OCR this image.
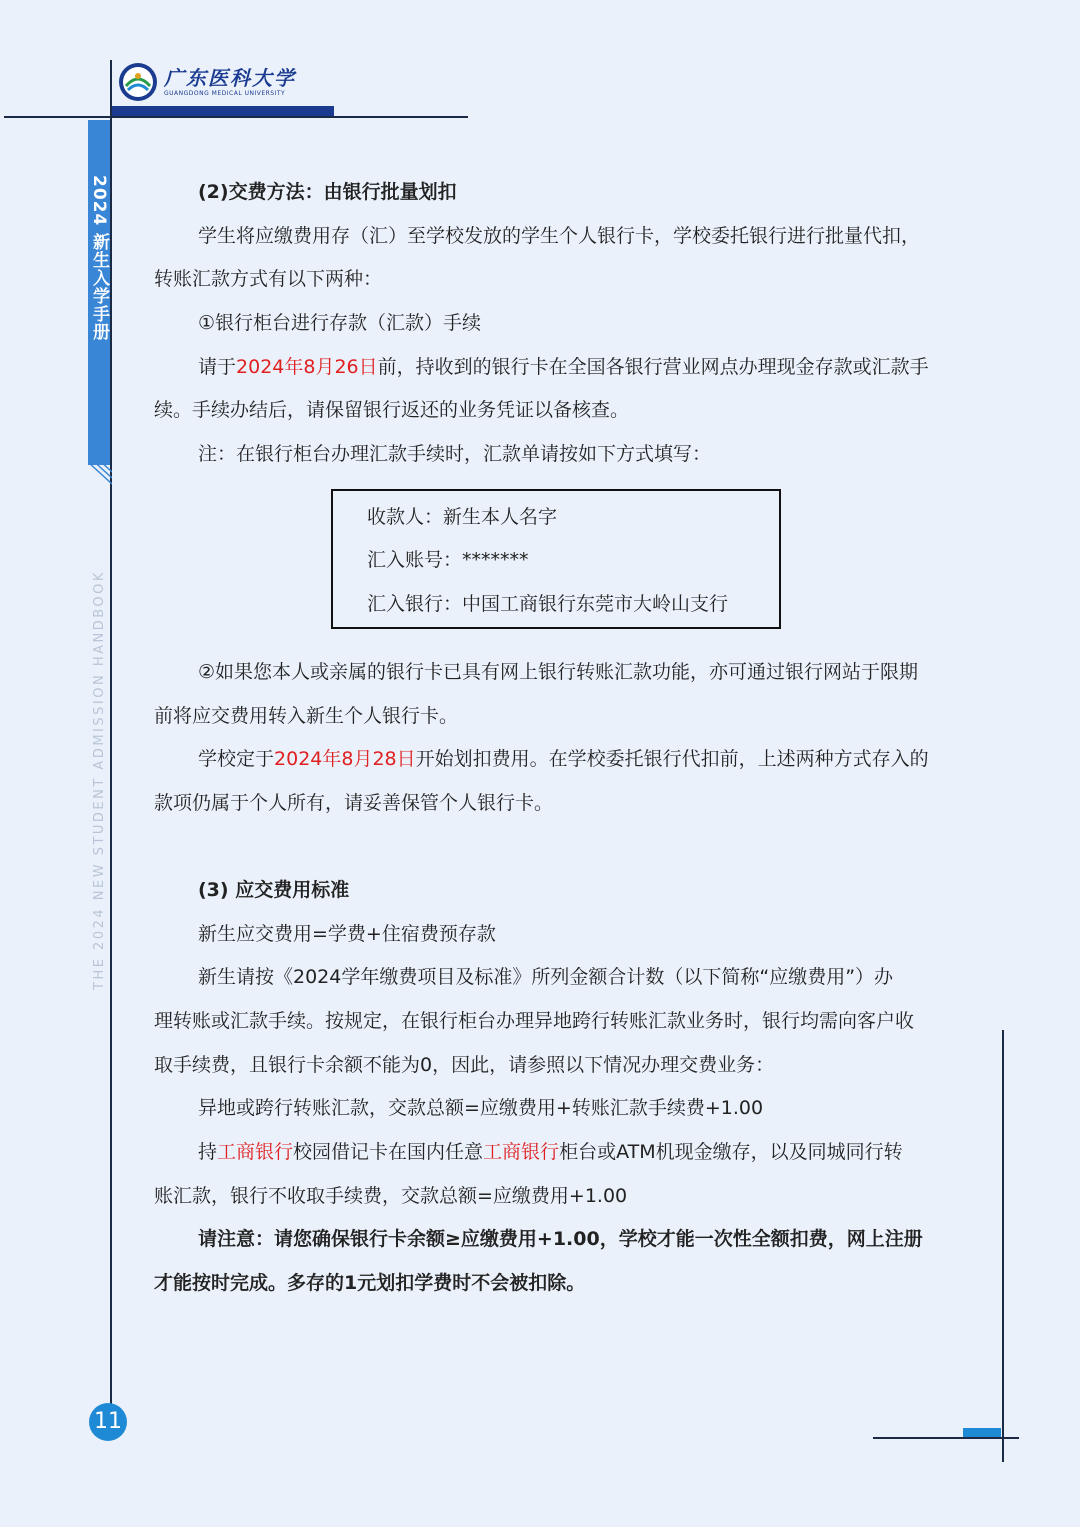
2024 新生入学手册
THE 2024 NEW STUDENT ADMISSION HANDBOOK
11
广东医科大学
GUANGDONG MEDICAL UNIVERSITY
(2)交费方法：由银行批量划扣
学生将应缴费用存（汇）至学校发放的学生个人银行卡，学校委托银行进行批量代扣，
转账汇款方式有以下两种：
①银行柜台进行存款（汇款）手续
请于2024年8月26日前，持收到的银行卡在全国各银行营业网点办理现金存款或汇款手
续。手续办结后，请保留银行返还的业务凭证以备核查。
注：在银行柜台办理汇款手续时，汇款单请按如下方式填写：
②如果您本人或亲属的银行卡已具有网上银行转账汇款功能，亦可通过银行网站于限期
前将应交费用转入新生个人银行卡。
学校定于2024年8月28日开始划扣费用。在学校委托银行代扣前，上述两种方式存入的
款项仍属于个人所有，请妥善保管个人银行卡。
(3) 应交费用标准
新生应交费用=学费+住宿费预存款
新生请按《2024学年缴费项目及标准》所列金额合计数（以下简称“应缴费用”）办
理转账或汇款手续。按规定，在银行柜台办理异地跨行转账汇款业务时，银行均需向客户收
取手续费，且银行卡余额不能为0，因此，请参照以下情况办理交费业务：
异地或跨行转账汇款，交款总额=应缴费用+转账汇款手续费+1.00
持工商银行校园借记卡在国内任意工商银行柜台或ATM机现金缴存，以及同城同行转
账汇款，银行不收取手续费，交款总额=应缴费用+1.00
请注意：请您确保银行卡余额≥应缴费用+1.00，学校才能一次性全额扣费，网上注册
才能按时完成。多存的1元划扣学费时不会被扣除。
收款人：新生本人名字
汇入账号：*******
汇入银行：中国工商银行东莞市大岭山支行
